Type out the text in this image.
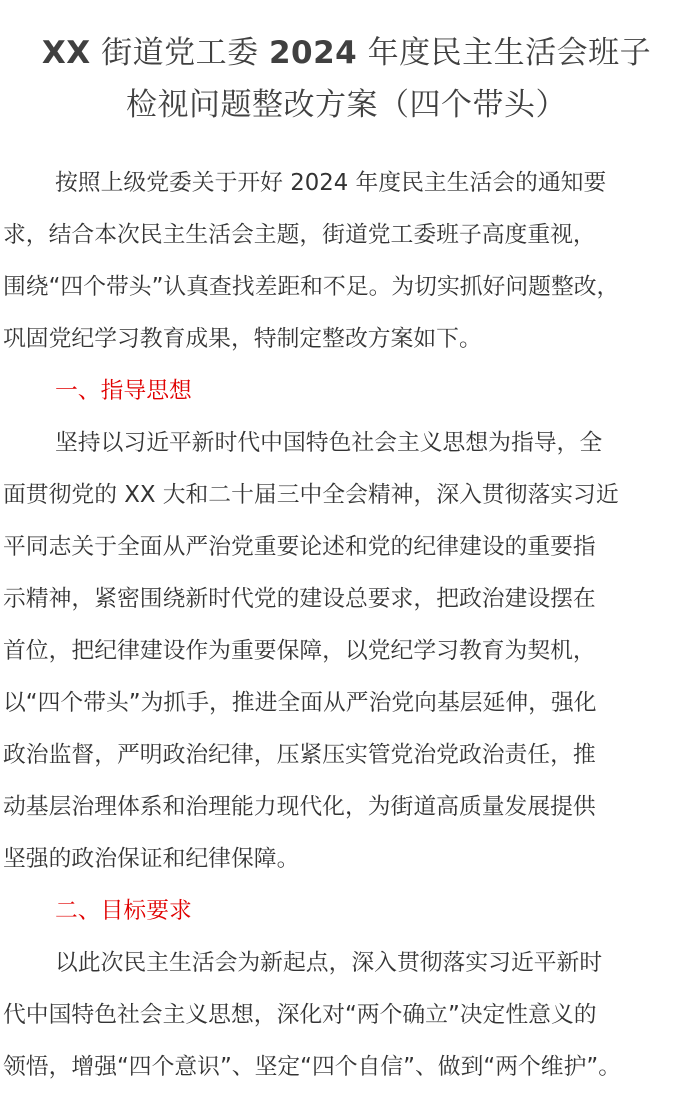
XX 街道党工委 2024 年度民主生活会班子
检视问题整改方案（四个带头）
按照上级党委关于开好 2024 年度民主生活会的通知要
求，结合本次民主生活会主题，街道党工委班子高度重视，
围绕“四个带头”认真查找差距和不足。为切实抓好问题整改，
巩固党纪学习教育成果，特制定整改方案如下。
一、指导思想
坚持以习近平新时代中国特色社会主义思想为指导，全
面贯彻党的 XX 大和二十届三中全会精神，深入贯彻落实习近
平同志关于全面从严治党重要论述和党的纪律建设的重要指
示精神，紧密围绕新时代党的建设总要求，把政治建设摆在
首位，把纪律建设作为重要保障，以党纪学习教育为契机，
以“四个带头”为抓手，推进全面从严治党向基层延伸，强化
政治监督，严明政治纪律，压紧压实管党治党政治责任，推
动基层治理体系和治理能力现代化，为街道高质量发展提供
坚强的政治保证和纪律保障。
二、目标要求
以此次民主生活会为新起点，深入贯彻落实习近平新时
代中国特色社会主义思想，深化对“两个确立”决定性意义的
领悟，增强“四个意识”、坚定“四个自信”、做到“两个维护”。
